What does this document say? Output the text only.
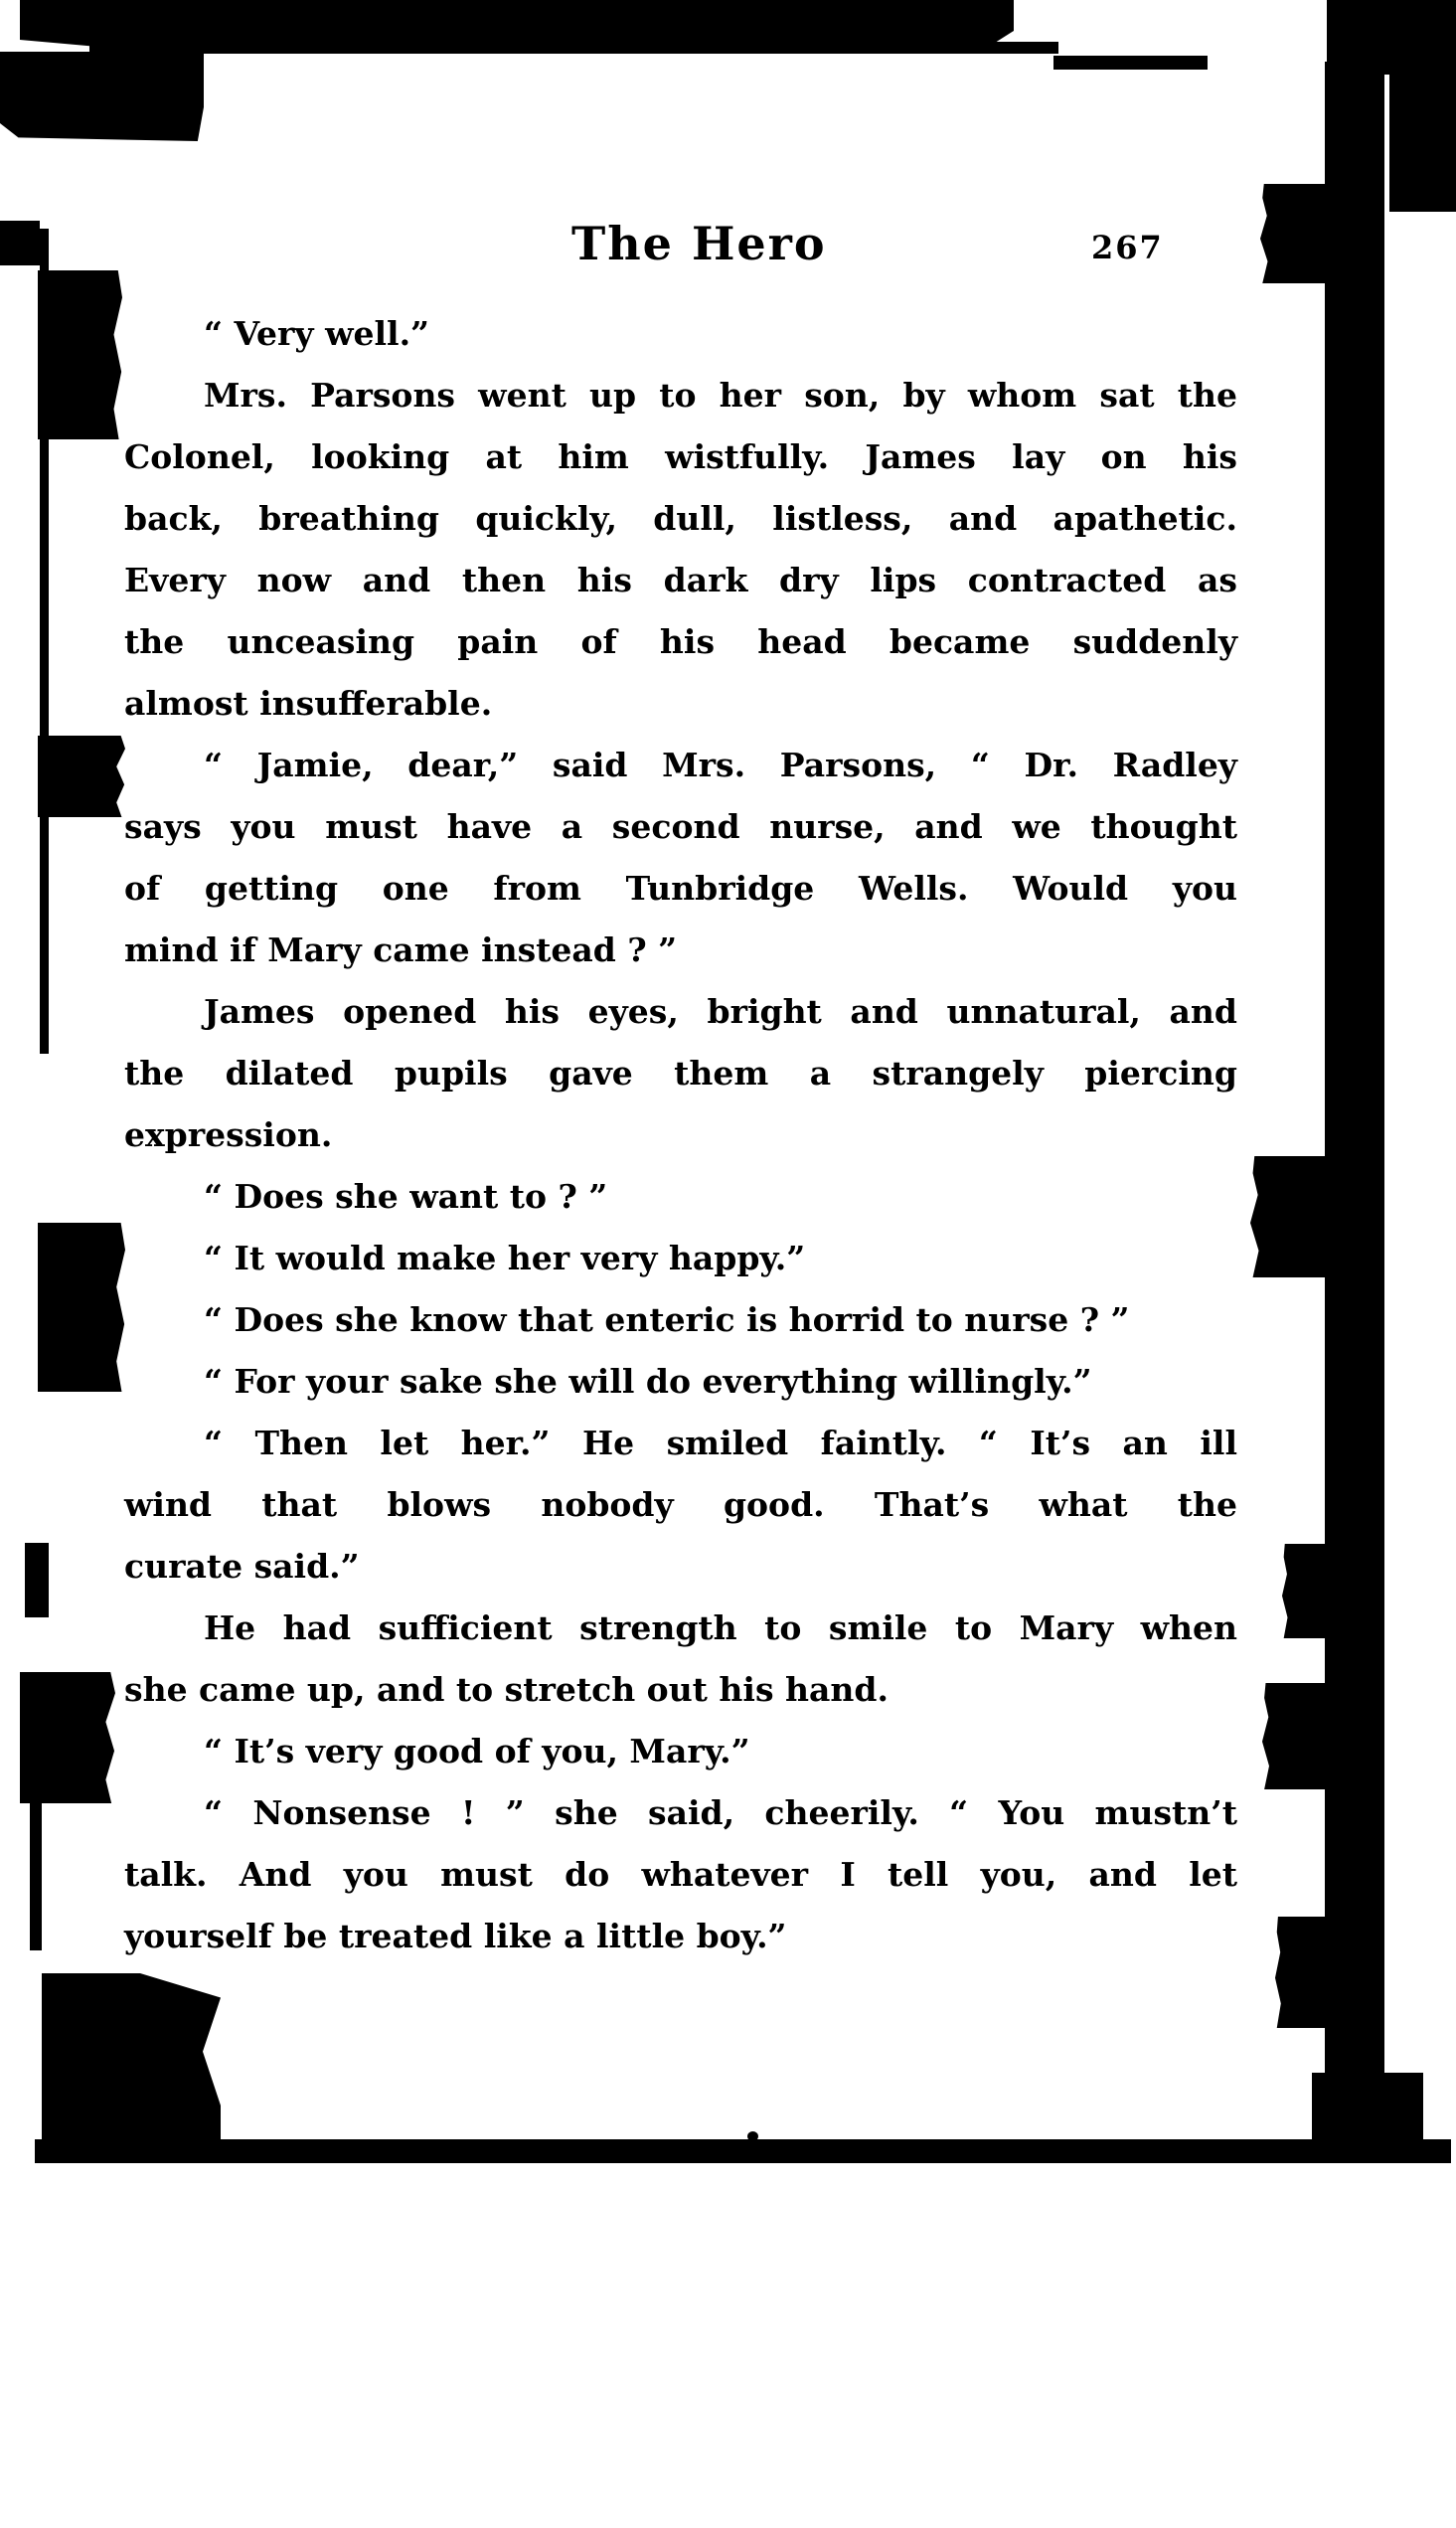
The Hero	267
“ Very well.”
Mrs. Parsons went up to her son, by whom sat the
Colonel, looking at him wistfully. James lay on his
back, breathing quickly, dull, listless, and apathetic.
Every now and then his dark dry lips contracted as
the unceasing pain of his head became suddenly
almost insufferable.
“ Jamie, dear,” said Mrs. Parsons, “ Dr. Radley
says you must have a second nurse, and we thought
of getting one from Tunbridge Wells. Would you
mind if Mary came instead ? ”
James opened his eyes, bright and unnatural, and
the dilated pupils gave them a strangely piercing
expression.
“ Does she want to ? ”
“ It would make her very happy.”
“ Does she know that enteric is horrid to nurse ? ”
“ For your sake she will do everything willingly.”
“ Then let her.” He smiled faintly. “ It’s an ill
wind that blows nobody good. That’s what the
curate said.”
He had sufficient strength to smile to Mary when
she came up, and to stretch out his hand.
“ It’s very good of you, Mary.”
“ Nonsense ! ” she said, cheerily. “ You mustn’t
talk. And you must do whatever I tell you, and let
yourself be treated like a little boy.”
